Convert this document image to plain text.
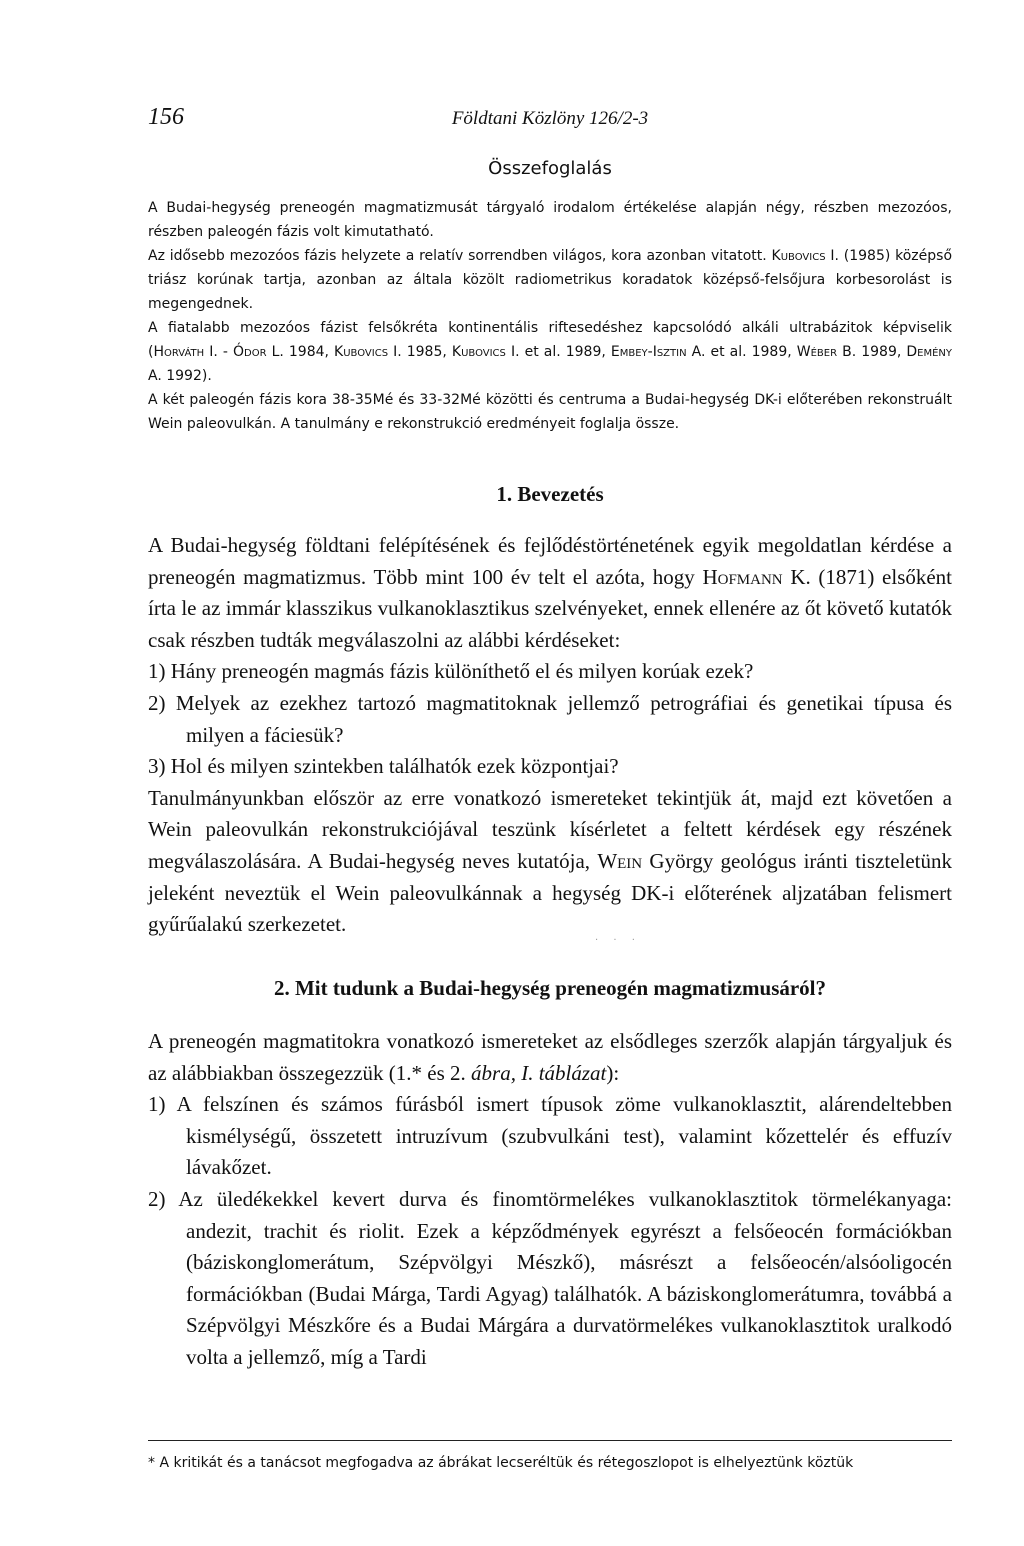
156	Földtani Közlöny 126/2-3
Összefoglalás

A Budai-hegység preneogén magmatizmusát tárgyaló irodalom értékelése alapján négy, részben mezozóos, részben paleogén fázis volt kimutatható.

Az idősebb mezozóos fázis helyzete a relatív sorrendben világos, kora azonban vitatott. Kubovics I. (1985) középső triász korúnak tartja, azonban az általa közölt radiometrikus koradatok középső-felsőjura korbesorolást is megengednek.

A fiatalabb mezozóos fázist felsőkréta kontinentális riftesedéshez kapcsolódó alkáli ultrabázitok képviselik (Horváth I. - Ódor L. 1984, Kubovics I. 1985, Kubovics I. et al. 1989, Embey-Isztin A. et al. 1989, Wéber B. 1989, Demény A. 1992).

A két paleogén fázis kora 38-35Mé és 33-32Mé közötti és centruma a Budai-hegység DK-i előterében rekonstruált Wein paleovulkán. A tanulmány e rekonstrukció eredményeit foglalja össze.

1. Bevezetés

A Budai-hegység földtani felépítésének és fejlődéstörténetének egyik megoldatlan kérdése a preneogén magmatizmus. Több mint 100 év telt el azóta, hogy Hofmann K. (1871) elsőként írta le az immár klasszikus vulkanoklasztikus szelvényeket, ennek ellenére az őt követő kutatók csak részben tudták megválaszolni az alábbi kérdéseket:

1) Hány preneogén magmás fázis különíthető el és milyen korúak ezek?

2) Melyek az ezekhez tartozó magmatitoknak jellemző petrográfiai és genetikai típusa és milyen a fáciesük?

3) Hol és milyen szintekben találhatók ezek központjai?

Tanulmányunkban először az erre vonatkozó ismereteket tekintjük át, majd ezt követően a Wein paleovulkán rekonstrukciójával teszünk kísérletet a feltett kérdések egy részének megválaszolására. A Budai-hegység neves kutatója, Wein György geológus iránti tiszteletünk jeleként neveztük el Wein paleovulkánnak a hegység DK-i előterének aljzatában felismert gyűrűalakú szerkezetet.

· · ·
2. Mit tudunk a Budai-hegység preneogén magmatizmusáról?

A preneogén magmatitokra vonatkozó ismereteket az elsődleges szerzők alapján tárgyaljuk és az alábbiakban összegezzük (1.* és 2. ábra, I. táblázat):

1) A felszínen és számos fúrásból ismert típusok zöme vulkanoklasztit, alárendeltebben kismélységű, összetett intruzívum (szubvulkáni test), valamint kőzettelér és effuzív lávakőzet.

2) Az üledékekkel kevert durva és finomtörmelékes vulkanoklasztitok törmelékanyaga: andezit, trachit és riolit. Ezek a képződmények egyrészt a felsőeocén formációkban (báziskonglomerátum, Szépvölgyi Mészkő), másrészt a felsőeocén/alsóoligocén formációkban (Budai Márga, Tardi Agyag) találhatók. A báziskonglomerátumra, továbbá a Szépvölgyi Mészkőre és a Budai Márgára a durvatörmelékes vulkanoklasztitok uralkodó volta a jellemző, míg a Tardi

* A kritikát és a tanácsot megfogadva az ábrákat lecseréltük és rétegoszlopot is elhelyeztünk köztük
